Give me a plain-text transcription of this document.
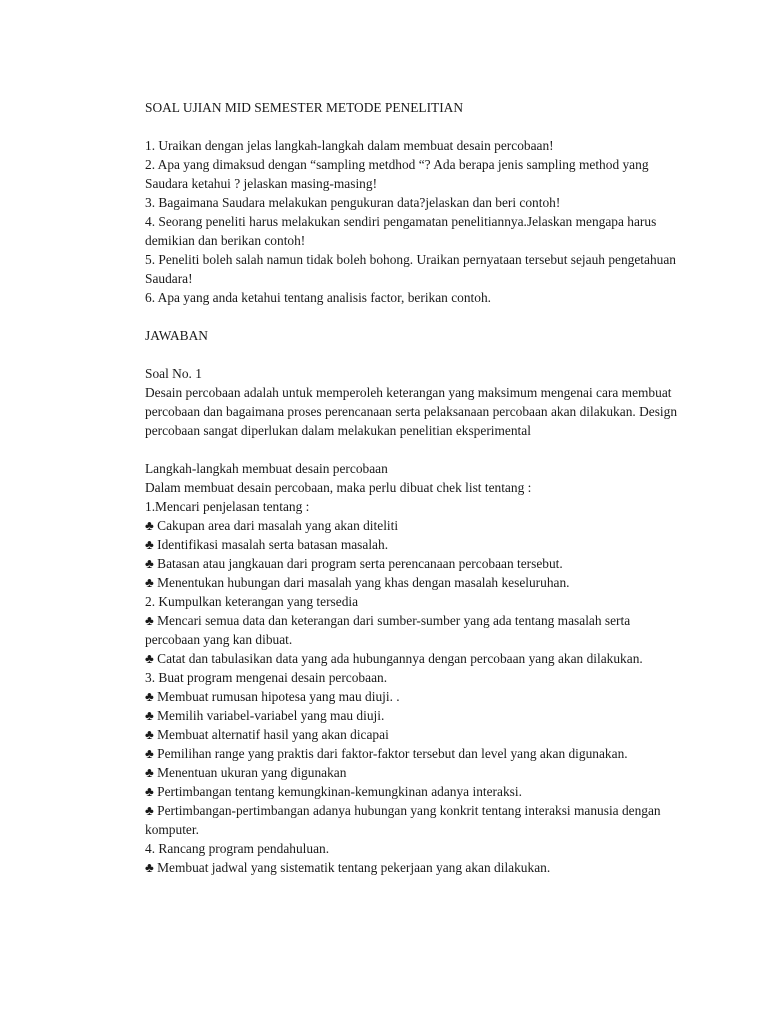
SOAL UJIAN MID SEMESTER METODE PENELITIAN

1. Uraikan dengan jelas langkah-langkah dalam membuat desain percobaan!

2. Apa yang dimaksud dengan “sampling metdhod “? Ada berapa jenis sampling method yang Saudara ketahui ? jelaskan masing-masing!

3. Bagaimana Saudara melakukan pengukuran data?jelaskan dan beri contoh!

4. Seorang peneliti harus melakukan sendiri pengamatan penelitiannya.Jelaskan mengapa harus demikian dan berikan contoh!

5. Peneliti boleh salah namun tidak boleh bohong. Uraikan pernyataan tersebut sejauh pengetahuan Saudara!

6. Apa yang anda ketahui tentang analisis factor, berikan contoh.

JAWABAN

Soal No. 1

Desain percobaan adalah untuk memperoleh keterangan yang maksimum mengenai cara membuat percobaan dan bagaimana proses perencanaan serta pelaksanaan percobaan akan dilakukan. Design percobaan sangat diperlukan dalam melakukan penelitian eksperimental

Langkah-langkah membuat desain percobaan

Dalam membuat desain percobaan, maka perlu dibuat chek list tentang :

1.Mencari penjelasan tentang :

♣ Cakupan area dari masalah yang akan diteliti

♣ Identifikasi masalah serta batasan masalah.

♣ Batasan atau jangkauan dari program serta perencanaan percobaan tersebut.

♣ Menentukan hubungan dari masalah yang khas dengan masalah keseluruhan.

2. Kumpulkan keterangan yang tersedia

♣ Mencari semua data dan keterangan dari sumber-sumber yang ada tentang masalah serta percobaan yang kan dibuat.

♣ Catat dan tabulasikan data yang ada hubungannya dengan percobaan yang akan dilakukan.

3. Buat program mengenai desain percobaan.

♣ Membuat rumusan hipotesa yang mau diuji. .

♣ Memilih variabel-variabel yang mau diuji.

♣ Membuat alternatif hasil yang akan dicapai

♣ Pemilihan range yang praktis dari faktor-faktor tersebut dan level yang akan digunakan.

♣ Menentuan ukuran yang digunakan

♣ Pertimbangan tentang kemungkinan-kemungkinan adanya interaksi.

♣ Pertimbangan-pertimbangan adanya hubungan yang konkrit tentang interaksi manusia dengan komputer.

4. Rancang program pendahuluan.

♣ Membuat jadwal yang sistematik tentang pekerjaan yang akan dilakukan.
